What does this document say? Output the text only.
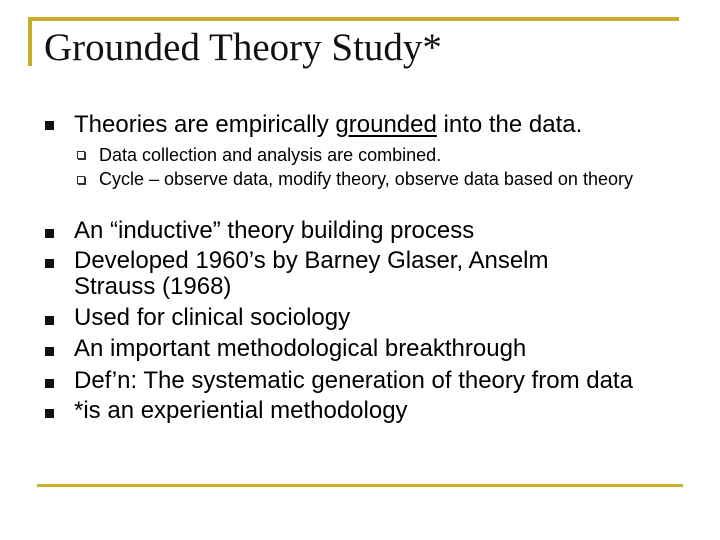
Grounded Theory Study*
Theories are empirically grounded into the data.
Data collection and analysis are combined.
Cycle – observe data, modify theory, observe data based on theory
An “inductive” theory building process
Developed 1960’s by Barney Glaser, Anselm Strauss (1968)
Used for clinical sociology
An important methodological breakthrough
Def’n: The systematic generation of theory from data
*is an experiential methodology
